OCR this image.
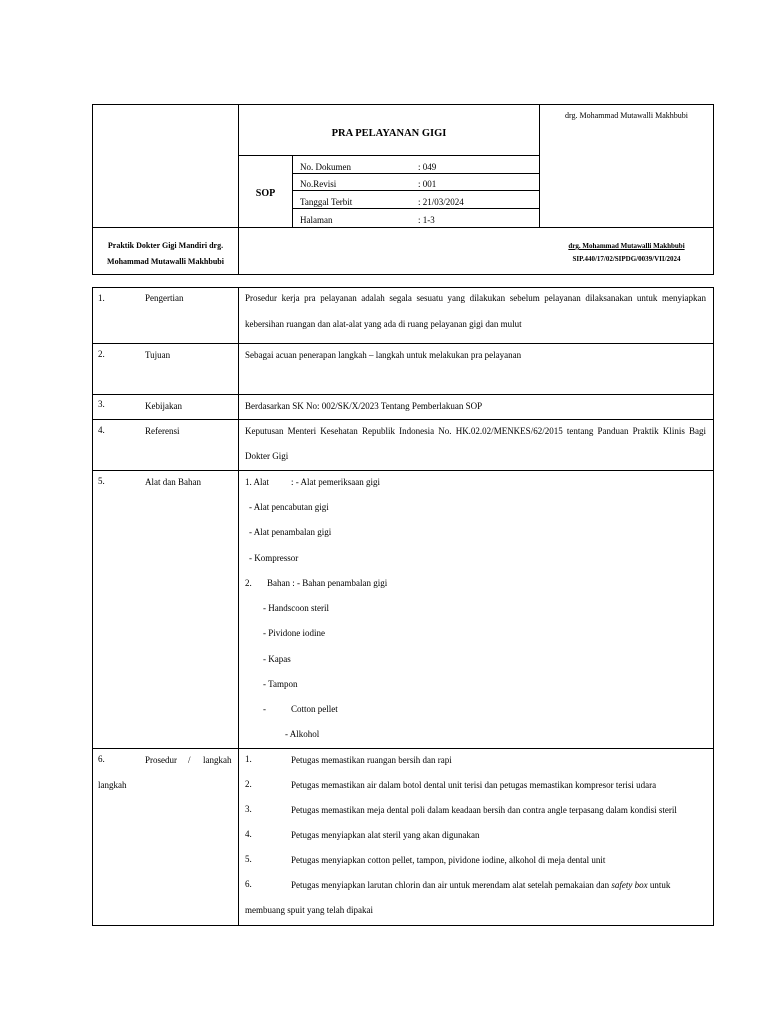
PRA PELAYANAN GIGI
drg. Mohammad Mutawalli Makhbubi
SOP
No. Dokumen	: 049
No.Revisi	: 001
Tanggal Terbit	: 21/03/2024
Halaman	: 1-3
Praktik Dokter Gigi Mandiri drg.
Mohammad Mutawalli Makhbubi
drg. Mohammad Mutawalli Makhbubi
SIP.440/17/02/SIPDG/0039/VII/2024
1.	Pengertian	Prosedur kerja pra pelayanan adalah segala sesuatu yang dilakukan sebelum pelayanan dilaksanakan untuk menyiapkan
kebersihan ruangan dan alat-alat yang ada di ruang pelayanan gigi dan mulut
2.	Tujuan	Sebagai acuan penerapan langkah – langkah untuk melakukan pra pelayanan
3.	Kebijakan	Berdasarkan SK No: 002/SK/X/2023 Tentang Pemberlakuan SOP
4.	Referensi	Keputusan Menteri Kesehatan Republik Indonesia No. HK.02.02/MENKES/62/2015 tentang Panduan Praktik Klinis Bagi
Dokter Gigi
5.	Alat dan Bahan	1. Alat : - Alat pemeriksaan gigi
- Alat pencabutan gigi
- Alat penambalan gigi
- Kompressor
2. Bahan : - Bahan penambalan gigi
- Handscoon steril
- Pividone iodine
- Kapas
- Tampon
-	Cotton pellet
- Alkohol
6.	Prosedur / langkah
langkah
1.	Petugas memastikan ruangan bersih dan rapi
2.	Petugas memastikan air dalam botol dental unit terisi dan petugas memastikan kompresor terisi udara
3.	Petugas memastikan meja dental poli dalam keadaan bersih dan contra angle terpasang dalam kondisi steril
4.	Petugas menyiapkan alat steril yang akan digunakan
5.	Petugas menyiapkan cotton pellet, tampon, pividone iodine, alkohol di meja dental unit
6.	Petugas menyiapkan larutan chlorin dan air untuk merendam alat setelah pemakaian dan safety box untuk
membuang spuit yang telah dipakai
